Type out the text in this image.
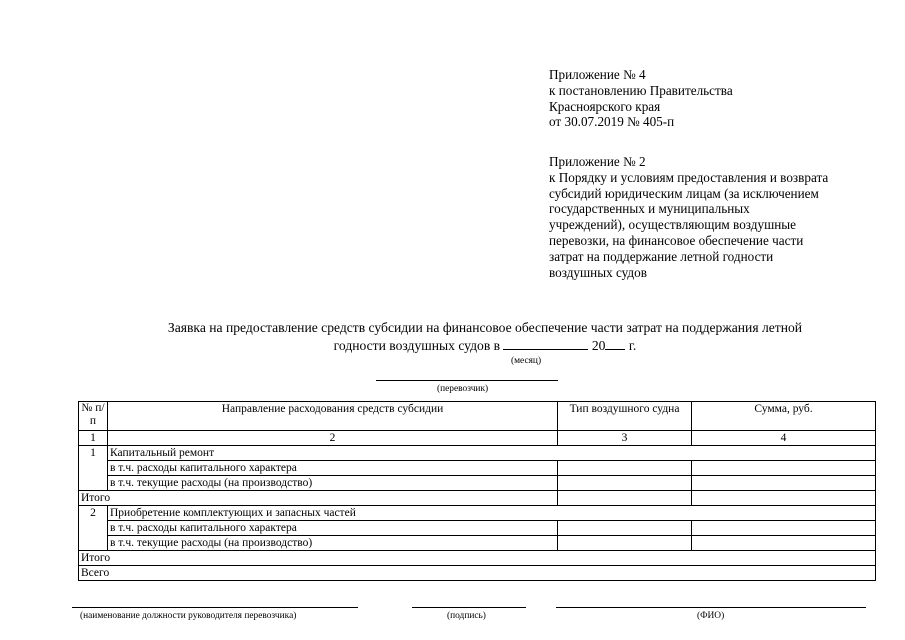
Приложение № 4
к постановлению Правительства
Красноярского края
от 30.07.2019 № 405-п
Приложение № 2
к Порядку и условиям предоставления и возврата
субсидий юридическим лицам (за исключением
государственных и муниципальных
учреждений), осуществляющим воздушные
перевозки, на финансовое обеспечение части
затрат на поддержание летной годности
воздушных судов
Заявка на предоставление средств субсидии на финансовое обеспечение части затрат на поддержания летной
годности воздушных судов в	20 г.
(месяц)
(перевозчик)
№ п/п	Направление расходования средств субсидии	Тип воздушного судна	Сумма, руб.
1	2	3	4
1	Капитальный ремонт		
	в т.ч. расходы капитального характера		
	в т.ч. текущие расходы (на производство)		
Итого			
2	Приобретение комплектующих и запасных частей		
	в т.ч. расходы капитального характера		
	в т.ч. текущие расходы (на производство)		
Итого			
Всего			
(наименование должности руководителя перевозчика)	(подпись)	(ФИО)
